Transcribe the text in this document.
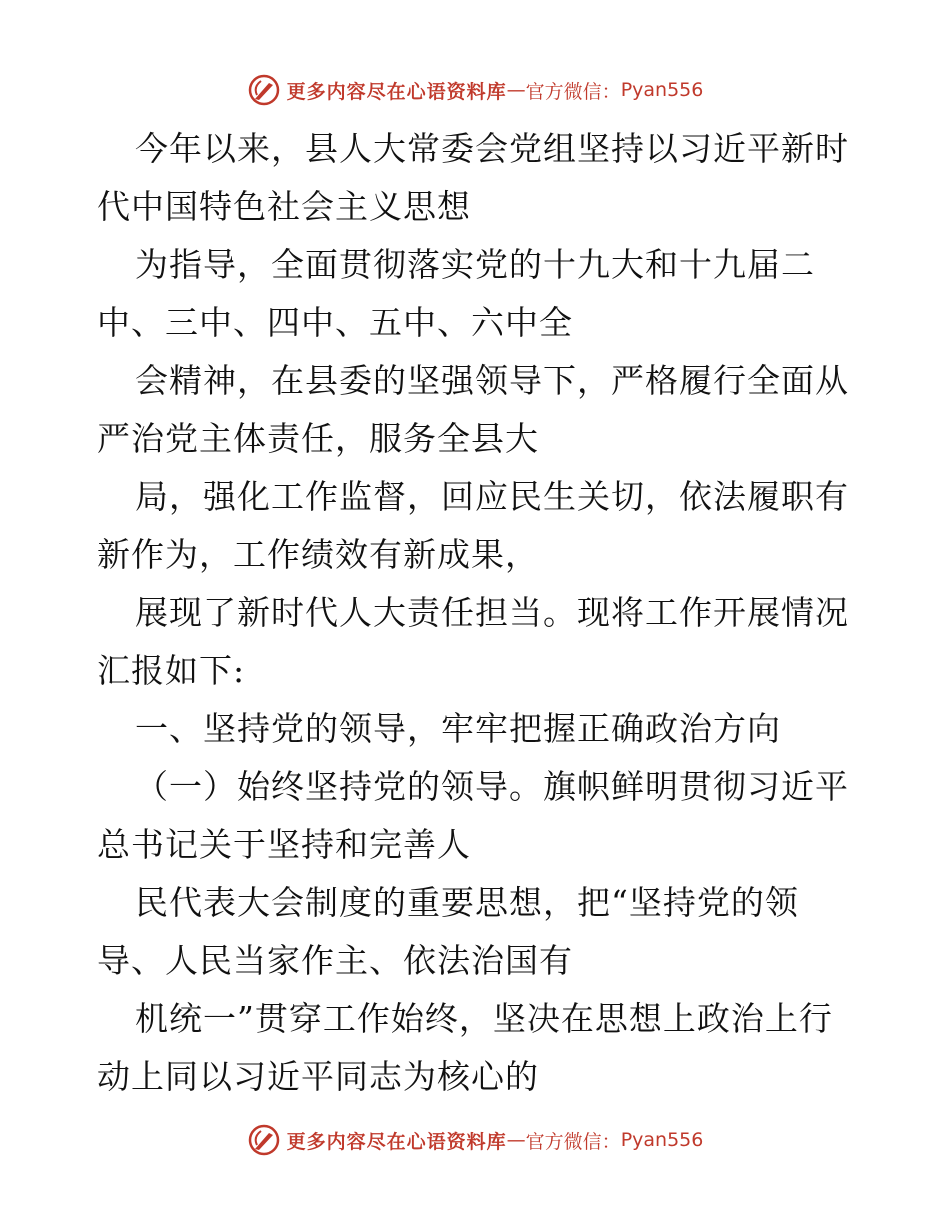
更多内容尽在心语资料库 — 官方微信： Pyan556

今年以来，县人大常委会党组坚持以习近平新时
代中国特色社会主义思想

为指导，全面贯彻落实党的十九大和十九届二
中、三中、四中、五中、六中全

会精神，在县委的坚强领导下，严格履行全面从
严治党主体责任，服务全县大

局，强化工作监督，回应民生关切，依法履职有
新作为，工作绩效有新成果，

展现了新时代人大责任担当。现将工作开展情况
汇报如下:

一、坚持党的领导，牢牢把握正确政治方向

（一）始终坚持党的领导。旗帜鲜明贯彻习近平
总书记关于坚持和完善人

民代表大会制度的重要思想，把“坚持党的领
导、人民当家作主、依法治国有

机统一”贯穿工作始终，坚决在思想上政治上行
动上同以习近平同志为核心的

更多内容尽在心语资料库 — 官方微信： Pyan556
